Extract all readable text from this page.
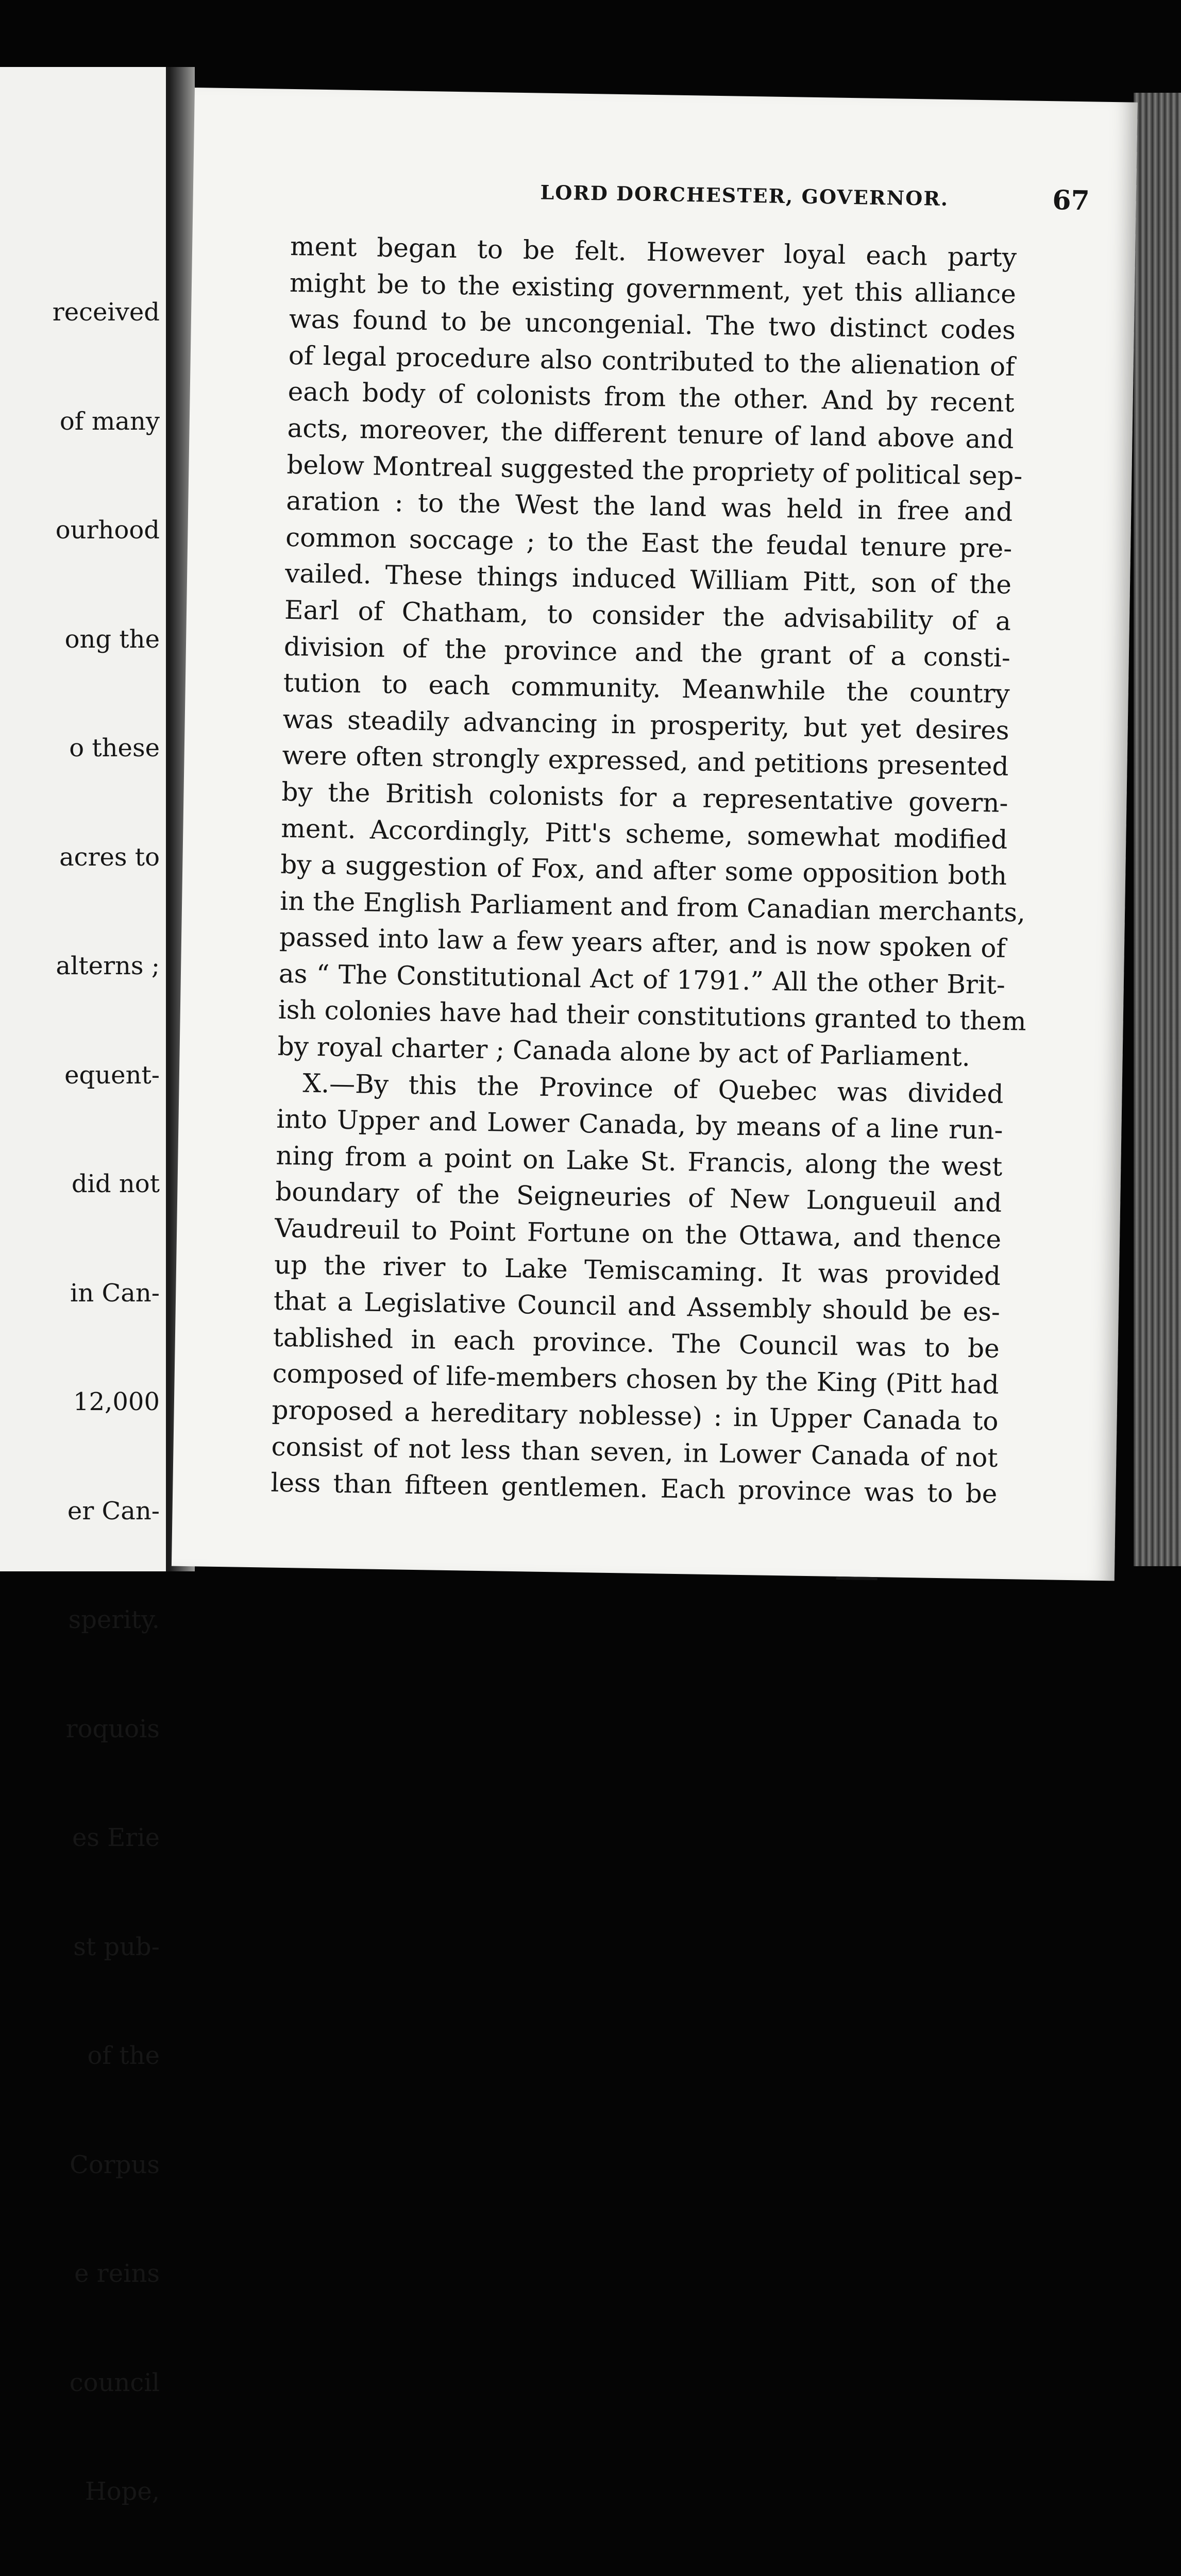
received

of many

ourhood

ong the

o these

acres to

alterns ;

equent-

did not

in Can-

12,000

er Can-

sperity.

roquois

es Erie

st pub-

of the

Corpus

e reins

council

Hope,

LORD DORCHESTER, GOVERNOR.	67
ment began to be felt. However loyal each party
might be to the existing government, yet this alliance
was found to be uncongenial. The two distinct codes
of legal procedure also contributed to the alienation of
each body of colonists from the other. And by recent
acts, moreover, the different tenure of land above and
below Montreal suggested the propriety of political sep-
aration : to the West the land was held in free and
common soccage ; to the East the feudal tenure pre-
vailed. These things induced William Pitt, son of the
Earl of Chatham, to consider the advisability of a
division of the province and the grant of a consti-
tution to each community. Meanwhile the country
was steadily advancing in prosperity, but yet desires
were often strongly expressed, and petitions presented
by the British colonists for a representative govern-
ment. Accordingly, Pitt's scheme, somewhat modified
by a suggestion of Fox, and after some opposition both
in the English Parliament and from Canadian merchants,
passed into law a few years after, and is now spoken of
as “ The Constitutional Act of 1791.” All the other Brit-
ish colonies have had their constitutions granted to them
by royal charter ; Canada alone by act of Parliament.
X.—By this the Province of Quebec was divided
into Upper and Lower Canada, by means of a line run-
ning from a point on Lake St. Francis, along the west
boundary of the Seigneuries of New Longueuil and
Vaudreuil to Point Fortune on the Ottawa, and thence
up the river to Lake Temiscaming. It was provided
that a Legislative Council and Assembly should be es-
tablished in each province. The Council was to be
composed of life-members chosen by the King (Pitt had
proposed a hereditary noblesse) : in Upper Canada to
consist of not less than seven, in Lower Canada of not
less than fifteen gentlemen. Each province was to be
